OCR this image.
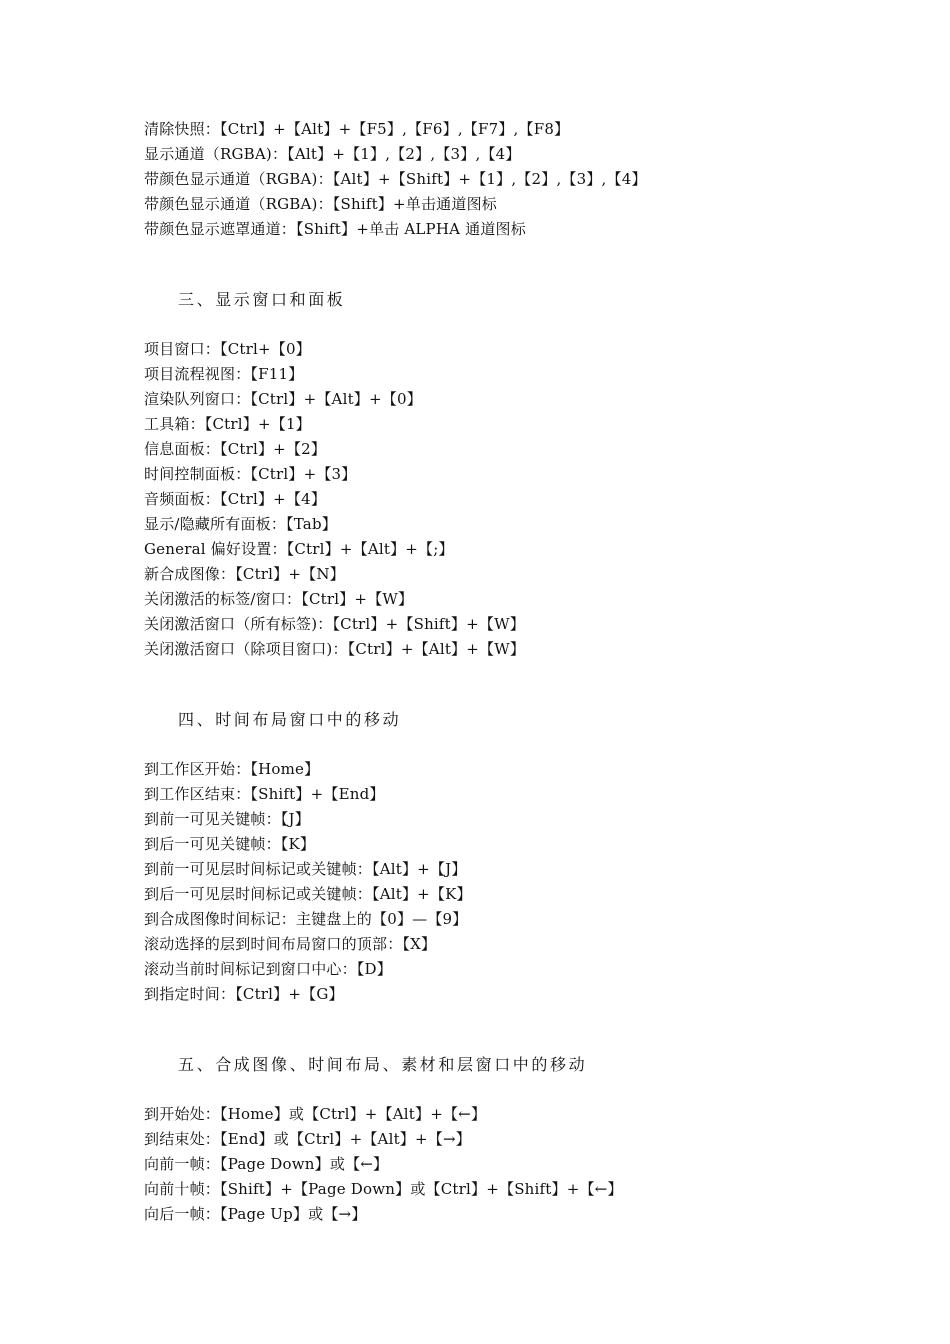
清除快照：【Ctrl】+【Alt】+【F5】,【F6】,【F7】,【F8】
显示通道（RGBA)：【Alt】+【1】,【2】,【3】,【4】
带颜色显示通道（RGBA)：【Alt】+【Shift】+【1】,【2】,【3】,【4】
带颜色显示通道（RGBA)：【Shift】+单击通道图标
带颜色显示遮罩通道：【Shift】+单击 ALPHA 通道图标
三、显示窗口和面板
项目窗口：【Ctrl+【0】
项目流程视图：【F11】
渲染队列窗口：【Ctrl】+【Alt】+【0】
工具箱：【Ctrl】+【1】
信息面板：【Ctrl】+【2】
时间控制面板：【Ctrl】+【3】
音频面板：【Ctrl】+【4】
显示/隐藏所有面板：【Tab】
General 偏好设置：【Ctrl】+【Alt】+【;】
新合成图像：【Ctrl】+【N】
关闭激活的标签/窗口：【Ctrl】+【W】
关闭激活窗口（所有标签)：【Ctrl】+【Shift】+【W】
关闭激活窗口（除项目窗口)：【Ctrl】+【Alt】+【W】
四、时间布局窗口中的移动
到工作区开始：【Home】
到工作区结束：【Shift】+【End】
到前一可见关键帧：【J】
到后一可见关键帧：【K】
到前一可见层时间标记或关键帧：【Alt】+【J】
到后一可见层时间标记或关键帧：【Alt】+【K】
到合成图像时间标记：主键盘上的【0】—【9】
滚动选择的层到时间布局窗口的顶部：【X】
滚动当前时间标记到窗口中心：【D】
到指定时间：【Ctrl】+【G】
五、合成图像、时间布局、素材和层窗口中的移动
到开始处：【Home】或【Ctrl】+【Alt】+【←】
到结束处：【End】或【Ctrl】+【Alt】+【→】
向前一帧：【Page Down】或【←】
向前十帧：【Shift】+【Page Down】或【Ctrl】+【Shift】+【←】
向后一帧：【Page Up】或【→】
